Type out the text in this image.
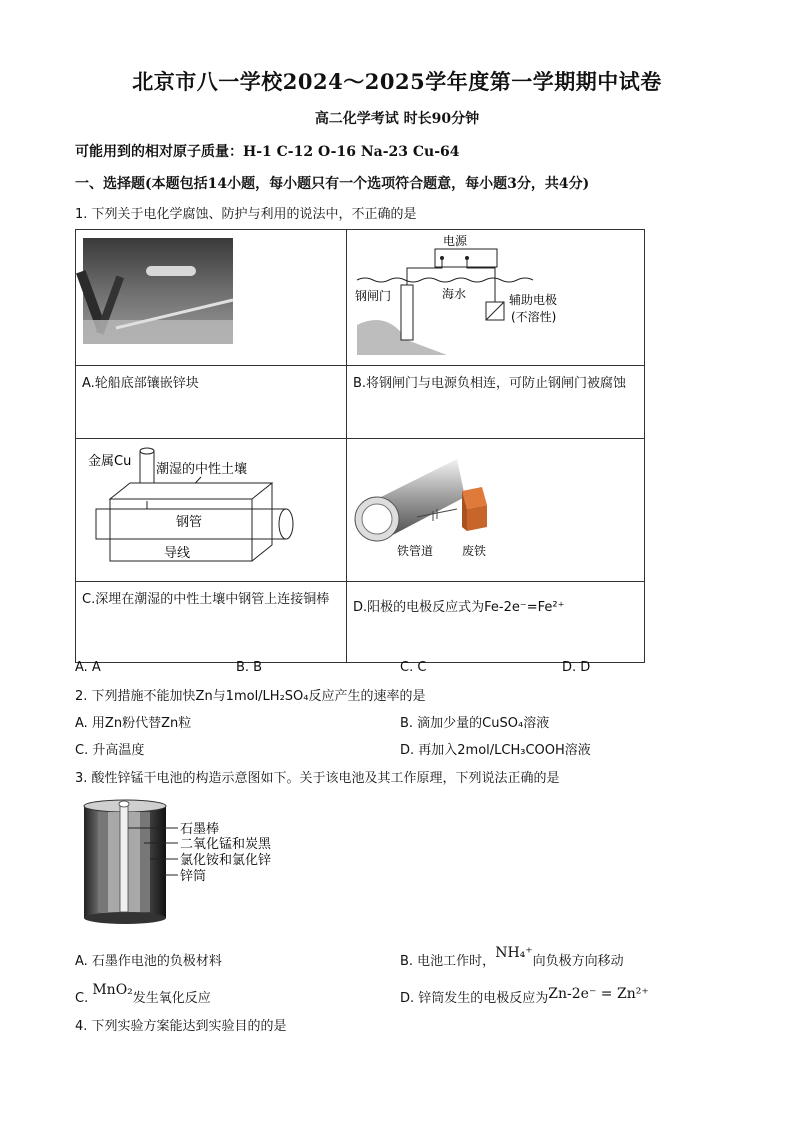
北京市八一学校2024～2025学年度第一学期期中试卷
高二化学考试 时长90分钟
可能用到的相对原子质量：H-1 C-12 O-16 Na-23 Cu-64
一、选择题(本题包括14小题，每小题只有一个选项符合题意，每小题3分，共4分)
1. 下列关于电化学腐蚀、防护与利用的说法中，不正确的是

电源
钢闸门 海水 辅助电极
(不溶性)

A.轮船底部镶嵌锌块	B.将钢闸门与电源负相连，可防止钢闸门被腐蚀

金属Cu
潮湿的中性土壤
钢管
导线	铁管道 废铁

C.深埋在潮湿的中性土壤中钢管上连接铜棒	D.阳极的电极反应式为Fe-2e⁻=Fe²⁺
A. A	B. B	C. C	D. D
2. 下列措施不能加快Zn与1mol/LH₂SO₄反应产生的速率的是
A. 用Zn粉代替Zn粒	B. 滴加少量的CuSO₄溶液
C. 升高温度	D. 再加入2mol/LCH₃COOH溶液
3. 酸性锌锰干电池的构造示意图如下。关于该电池及其工作原理，下列说法正确的是
石墨棒
二氧化锰和炭黑
氯化铵和氯化锌
锌筒
A. 石墨作电池的负极材料	B. 电池工作时，NH₄⁺向负极方向移动
C. MnO₂发生氧化反应	D. 锌筒发生的电极反应为Zn-2e⁻ = Zn²⁺
4. 下列实验方案能达到实验目的的是
